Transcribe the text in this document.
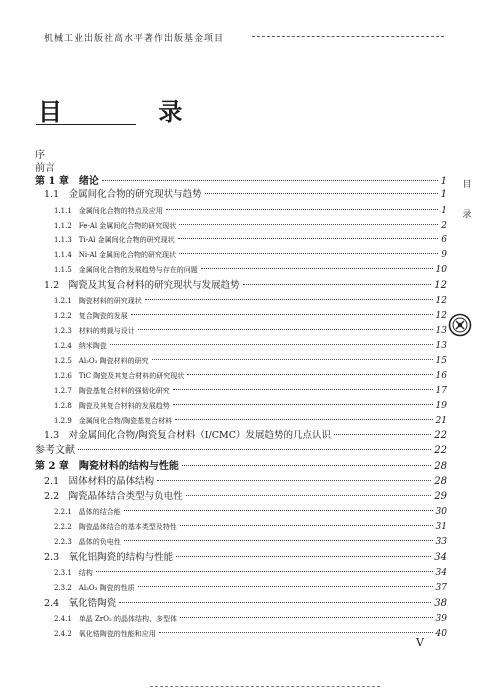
机械工业出版社高水平著作出版基金项目
目 录
序
前言
第 1 章　绪论	1
1.1　金属间化合物的研究现状与趋势	1
1.1.1　金属间化合物的特点及应用	1
1.1.2　Fe-Al 金属间化合物的研究现状	2
1.1.3　Ti-Al 金属间化合物的研究现状	6
1.1.4　Ni-Al 金属间化合物的研究现状	9
1.1.5　金属间化合物的发展趋势与存在的问题	10
1.2　陶瓷及其复合材料的研究现状与发展趋势	12
1.2.1　陶瓷材料的研究现状	12
1.2.2　复合陶瓷的发展	12
1.2.3　材料的剪裁与设计	13
1.2.4　纳米陶瓷	13
1.2.5　Al₂O₃ 陶瓷材料的研究	15
1.2.6　TiC 陶瓷及其复合材料的研究现状	16
1.2.7　陶瓷基复合材料的强韧化研究	17
1.2.8　陶瓷及其复合材料的发展趋势	19
1.2.9　金属间化合物/陶瓷基复合材料	21
1.3　对金属间化合物/陶瓷复合材料（I/CMC）发展趋势的几点认识	22
参考文献	22
第 2 章　陶瓷材料的结构与性能	28
2.1　固体材料的晶体结构	28
2.2　陶瓷晶体结合类型与负电性	29
2.2.1　晶体的结合能	30
2.2.2　陶瓷晶体结合的基本类型及特性	31
2.2.3　晶体的负电性	33
2.3　氧化铝陶瓷的结构与性能	34
2.3.1　结构	34
2.3.2　Al₂O₃ 陶瓷的性质	37
2.4　氧化锆陶瓷	38
2.4.1　单晶 ZrO₂ 的晶体结构、多型体	39
2.4.2　氧化锆陶瓷的性能和应用	40
目
录
V
